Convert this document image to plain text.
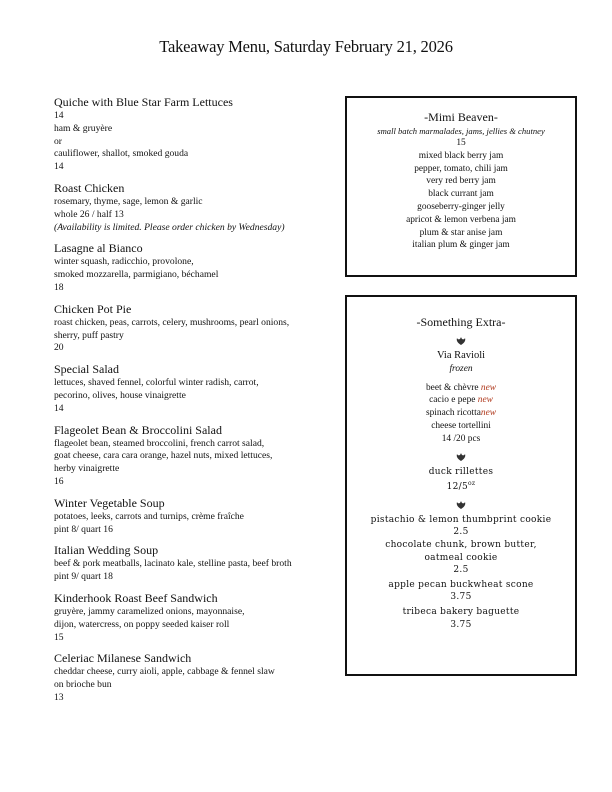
Takeaway Menu, Saturday February 21, 2026
Quiche with Blue Star Farm Lettuces
14
ham & gruyère
or
cauliflower, shallot, smoked gouda
14
Roast Chicken
rosemary, thyme, sage, lemon & garlic
whole 26 / half 13
(Availability is limited. Please order chicken by Wednesday)
Lasagne al Bianco
winter squash, radicchio, provolone,
smoked mozzarella, parmigiano, béchamel
18
Chicken Pot Pie
roast chicken, peas, carrots, celery, mushrooms, pearl onions,
sherry, puff pastry
20
Special Salad
lettuces, shaved fennel, colorful winter radish, carrot,
pecorino, olives, house vinaigrette
14
Flageolet Bean & Broccolini Salad
flageolet bean, steamed broccolini, french carrot salad,
goat cheese, cara cara orange, hazel nuts, mixed lettuces,
herby vinaigrette
16
Winter Vegetable Soup
potatoes, leeks, carrots and turnips, crème fraîche
pint 8/ quart 16
Italian Wedding Soup
beef & pork meatballs, lacinato kale, stelline pasta, beef broth
pint 9/ quart 18
Kinderhook Roast Beef Sandwich
gruyère, jammy caramelized onions, mayonnaise,
dijon, watercress, on poppy seeded kaiser roll
15
Celeriac Milanese Sandwich
cheddar cheese, curry aioli, apple, cabbage & fennel slaw
on brioche bun
13
-Mimi Beaven-
small batch marmalades, jams, jellies & chutney
15
mixed black berry jam
pepper, tomato, chili jam
very red berry jam
black currant jam
gooseberry-ginger jelly
apricot & lemon verbena jam
plum & star anise jam
italian plum & ginger jam
-Something Extra-
Via Ravioli
frozen
beet & chèvre new
cacio e pepe new
spinach ricottanew
cheese tortellini
14 /20 pcs
duck rillettes
$12/5^{oz}$
pistachio & lemon thumbprint cookie
2.5
chocolate chunk, brown butter,
oatmeal cookie
2.5
apple pecan buckwheat scone
3.75
tribeca bakery baguette
3.75
